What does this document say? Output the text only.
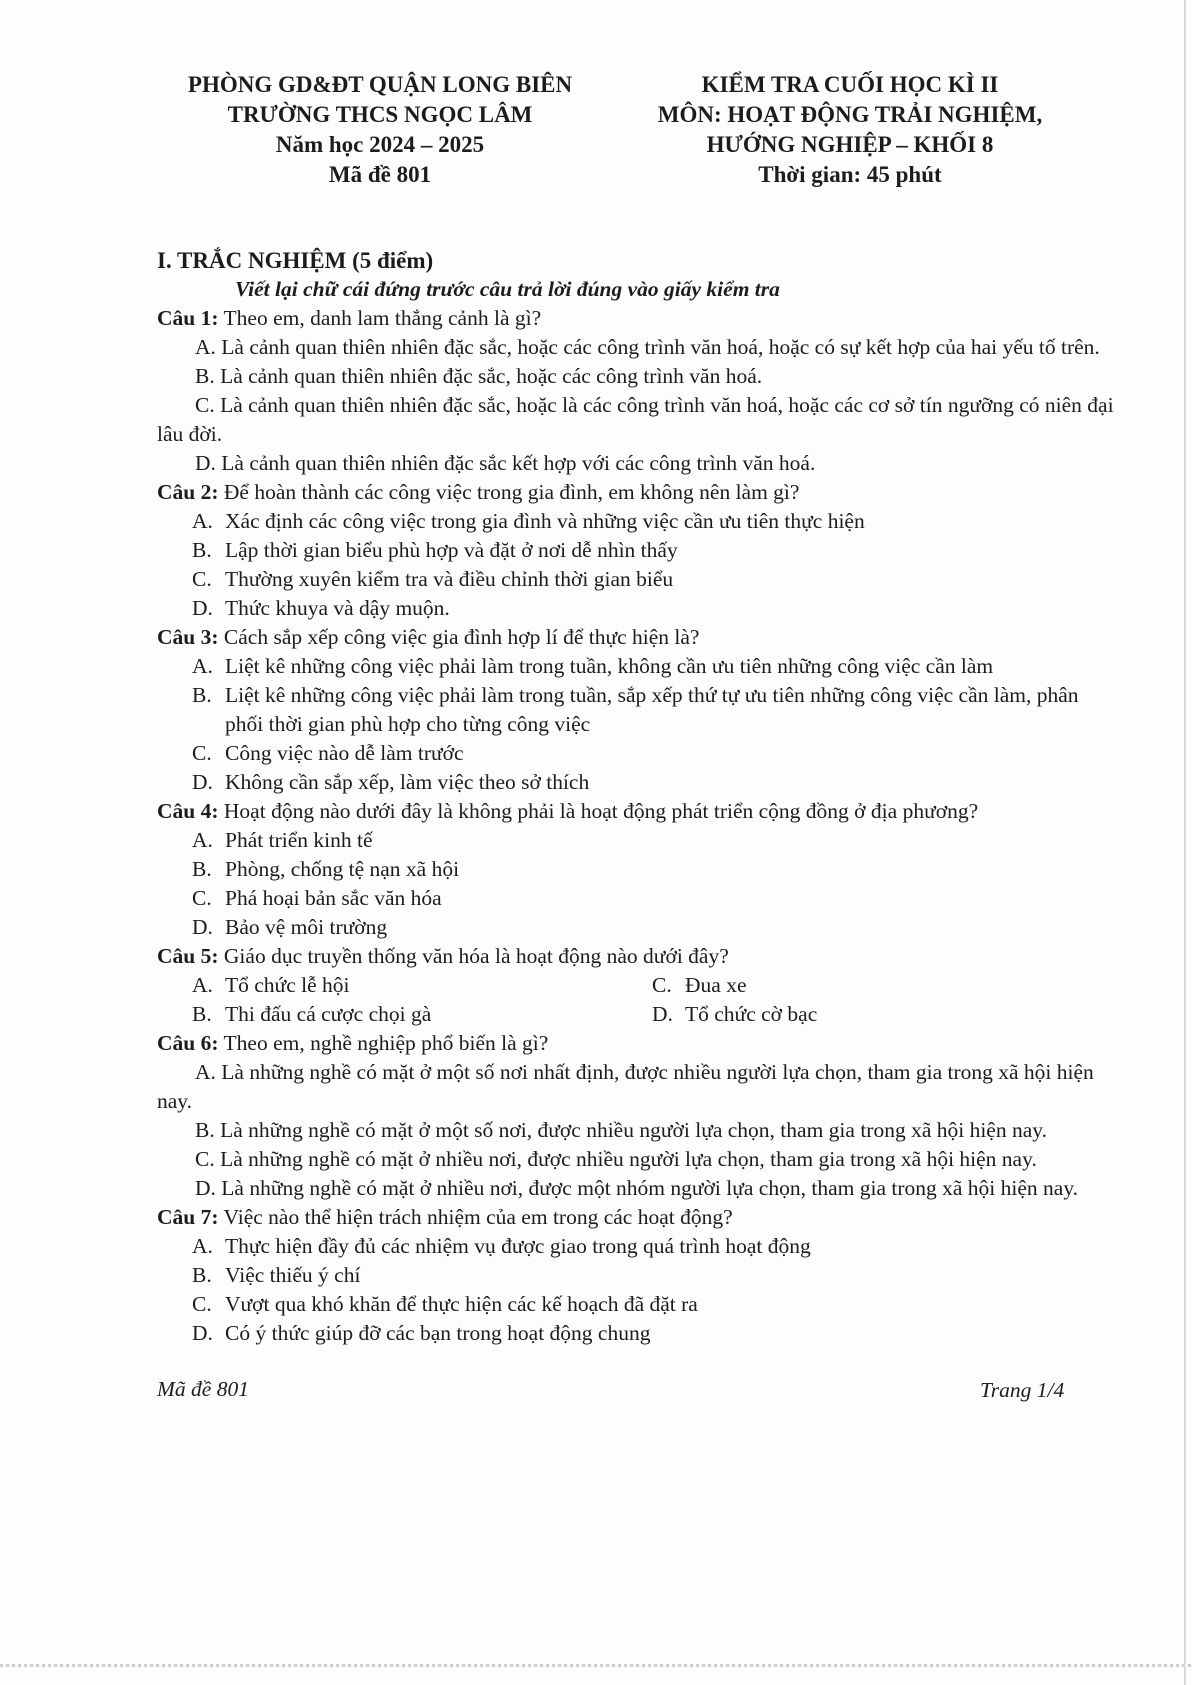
PHÒNG GD&ĐT QUẬN LONG BIÊN
TRƯỜNG THCS NGỌC LÂM
Năm học 2024 – 2025
Mã đề 801
KIỂM TRA CUỐI HỌC KÌ II
MÔN: HOẠT ĐỘNG TRẢI NGHIỆM,
HƯỚNG NGHIỆP – KHỐI 8
Thời gian: 45 phút
I. TRẮC NGHIỆM (5 điểm)
Viết lại chữ cái đứng trước câu trả lời đúng vào giấy kiểm tra
Câu 1: Theo em, danh lam thắng cảnh là gì?
A. Là cảnh quan thiên nhiên đặc sắc, hoặc các công trình văn hoá, hoặc có sự kết hợp của hai yếu tố trên.
B. Là cảnh quan thiên nhiên đặc sắc, hoặc các công trình văn hoá.
C. Là cảnh quan thiên nhiên đặc sắc, hoặc là các công trình văn hoá, hoặc các cơ sở tín ngưỡng có niên đại lâu đời.
D. Là cảnh quan thiên nhiên đặc sắc kết hợp với các công trình văn hoá.
Câu 2: Để hoàn thành các công việc trong gia đình, em không nên làm gì?
A. Xác định các công việc trong gia đình và những việc cần ưu tiên thực hiện
B. Lập thời gian biểu phù hợp và đặt ở nơi dễ nhìn thấy
C. Thường xuyên kiểm tra và điều chỉnh thời gian biểu
D. Thức khuya và dậy muộn.
Câu 3: Cách sắp xếp công việc gia đình hợp lí để thực hiện là?
A. Liệt kê những công việc phải làm trong tuần, không cần ưu tiên những công việc cần làm
B. Liệt kê những công việc phải làm trong tuần, sắp xếp thứ tự ưu tiên những công việc cần làm, phân phối thời gian phù hợp cho từng công việc
C. Công việc nào dễ làm trước
D. Không cần sắp xếp, làm việc theo sở thích
Câu 4: Hoạt động nào dưới đây là không phải là hoạt động phát triển cộng đồng ở địa phương?
A. Phát triển kinh tế
B. Phòng, chống tệ nạn xã hội
C. Phá hoại bản sắc văn hóa
D. Bảo vệ môi trường
Câu 5: Giáo dục truyền thống văn hóa là hoạt động nào dưới đây?
A. Tổ chức lễ hội	C. Đua xe
B. Thi đấu cá cược chọi gà	D. Tổ chức cờ bạc
Câu 6: Theo em, nghề nghiệp phổ biến là gì?
A. Là những nghề có mặt ở một số nơi nhất định, được nhiều người lựa chọn, tham gia trong xã hội hiện nay.
B. Là những nghề có mặt ở một số nơi, được nhiều người lựa chọn, tham gia trong xã hội hiện nay.
C. Là những nghề có mặt ở nhiều nơi, được nhiều người lựa chọn, tham gia trong xã hội hiện nay.
D. Là những nghề có mặt ở nhiều nơi, được một nhóm người lựa chọn, tham gia trong xã hội hiện nay.
Câu 7: Việc nào thể hiện trách nhiệm của em trong các hoạt động?
A. Thực hiện đầy đủ các nhiệm vụ được giao trong quá trình hoạt động
B. Việc thiếu ý chí
C. Vượt qua khó khăn để thực hiện các kế hoạch đã đặt ra
D. Có ý thức giúp đỡ các bạn trong hoạt động chung
Mã đề 801	Trang 1/4
